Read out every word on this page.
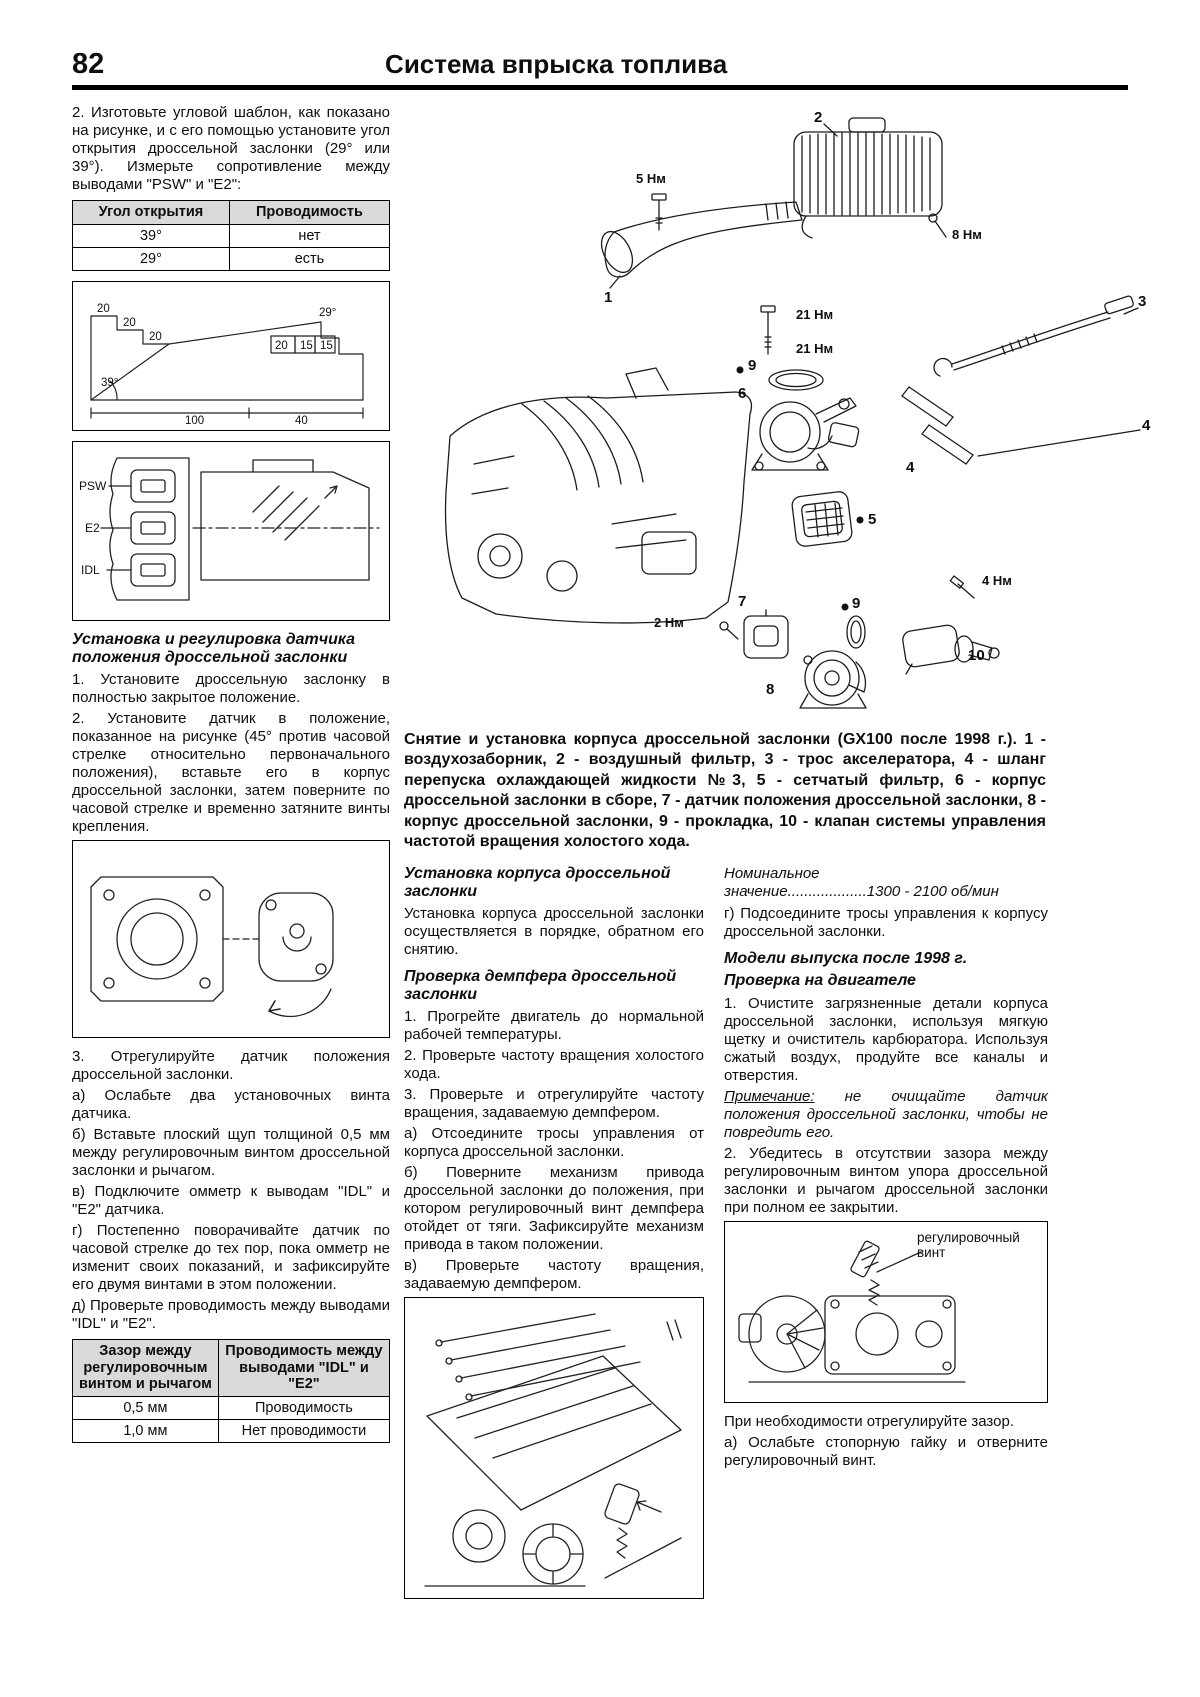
82	Система впрыска топлива

2. Изготовьте угловой шаблон, как показано на рисунке, и с его помощью установите угол открытия дроссельной заслонки (29° или 39°). Измерьте сопротивление между выводами "PSW" и "E2":

Угол открытия	Проводимость
39°	нет
29°	есть
20
20
20
29°
20 15 15
39°
100	40
PSW
E2
IDL
Установка и регулировка датчика положения дроссельной заслонки

1. Установите дроссельную заслонку в полностью закрытое положение.

2. Установите датчик в положение, показанное на рисунке (45° против часовой стрелке относительно первоначального положения), вставьте его в корпус дроссельной заслонки, затем поверните по часовой стрелке и временно затяните винты крепления.

3. Отрегулируйте датчик положения дроссельной заслонки.

а) Ослабьте два установочных винта датчика.

б) Вставьте плоский щуп толщиной 0,5 мм между регулировочным винтом дроссельной заслонки и рычагом.

в) Подключите омметр к выводам "IDL" и "E2" датчика.

г) Постепенно поворачивайте датчик по часовой стрелке до тех пор, пока омметр не изменит своих показаний, и зафиксируйте его двумя винтами в этом положении.

д) Проверьте проводимость между выводами "IDL" и "E2".

Зазор между регулировочным винтом и рычагом	Проводимость между выводами "IDL" и "E2"
0,5 мм	Проводимость
1,0 мм	Нет проводимости
1
2
3
4
4
5
6
7
8
9
9
10
5 Нм
8 Нм
21 Нм
21 Нм
2 Нм
4 Нм

Снятие и установка корпуса дроссельной заслонки (GX100 после 1998 г.). 1 - воздухозаборник, 2 - воздушный фильтр, 3 - трос акселератора, 4 - шланг перепуска охлаждающей жидкости №3, 5 - сетчатый фильтр, 6 - корпус дроссельной заслонки в сборе, 7 - датчик положения дроссельной заслонки, 8 - корпус дроссельной заслонки, 9 - прокладка, 10 - клапан системы управления частотой вращения холостого хода.

Установка корпуса дроссельной заслонки

Установка корпуса дроссельной заслонки осуществляется в порядке, обратном его снятию.

Проверка демпфера дроссельной заслонки

1. Прогрейте двигатель до нормальной рабочей температуры.

2. Проверьте частоту вращения холостого хода.

3. Проверьте и отрегулируйте частоту вращения, задаваемую демпфером.

а) Отсоедините тросы управления от корпуса дроссельной заслонки.

б) Поверните механизм привода дроссельной заслонки до положения, при котором регулировочный винт демпфера отойдет от тяги. Зафиксируйте механизм привода в таком положении.

в) Проверьте частоту вращения, задаваемую демпфером.

Номинальное
значение...................1300 - 2100 об/мин

г) Подсоедините тросы управления к корпусу дроссельной заслонки.

Модели выпуска после 1998 г.
Проверка на двигателе

1. Очистите загрязненные детали корпуса дроссельной заслонки, используя мягкую щетку и очиститель карбюратора. Используя сжатый воздух, продуйте все каналы и отверстия.

Примечание: не очищайте датчик положения дроссельной заслонки, чтобы не повредить его.

2. Убедитесь в отсутствии зазора между регулировочным винтом упора дроссельной заслонки и рычагом дроссельной заслонки при полном ее закрытии.

регулировочный винт

При необходимости отрегулируйте зазор.

а) Ослабьте стопорную гайку и отверните регулировочный винт.
